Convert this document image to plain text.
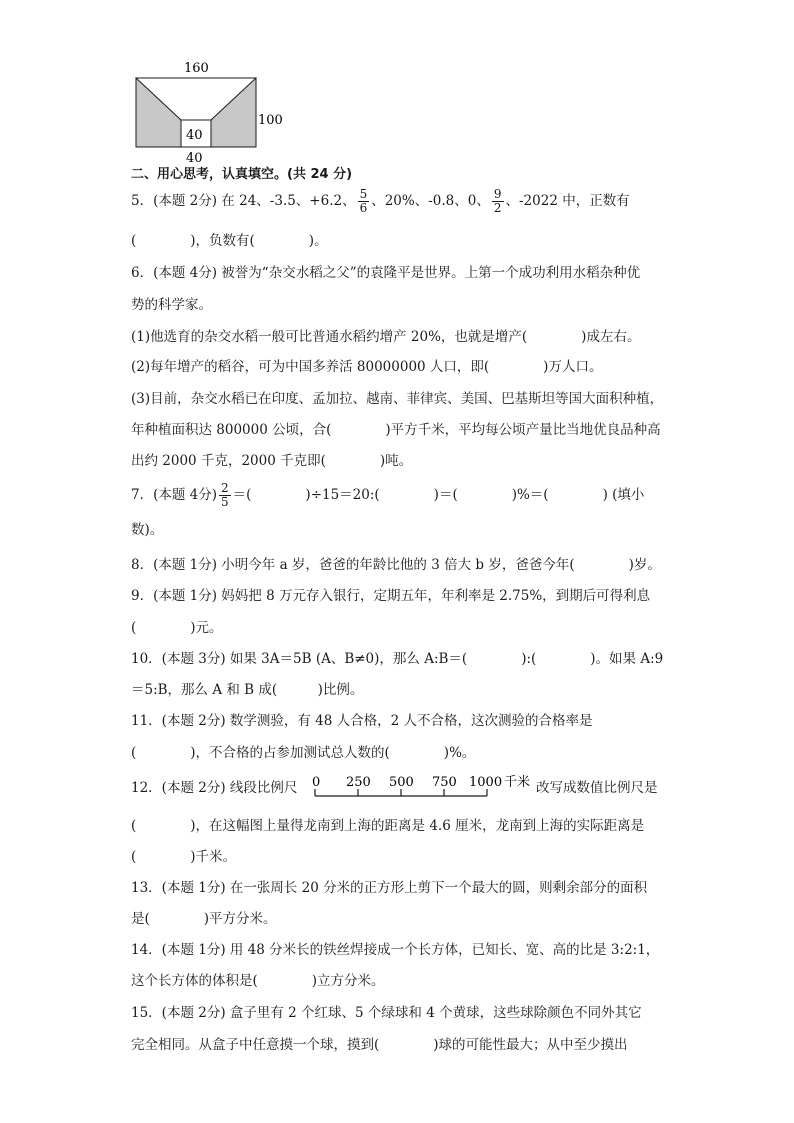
160
100
40
40
二、用心思考，认真填空。(共 24 分)
5．(本题 2分) 在 24、-3.5、+6.2、 $\frac{5}{6}$ 、20%、-0.8、0、 $\frac{9}{2}$ 、-2022 中，正数有
(　　　　)，负数有(　　　　)。
6．(本题 4分) 被誉为“杂交水稻之父”的袁隆平是世界。上第一个成功利用水稻杂种优
势的科学家。
(1)他选育的杂交水稻一般可比普通水稻约增产 20%，也就是增产(　　　　)成左右。
(2)每年增产的稻谷，可为中国多养活 80000000 人口，即(　　　　)万人口。
(3)目前，杂交水稻已在印度、孟加拉、越南、菲律宾、美国、巴基斯坦等国大面积种植，
年种植面积达 800000 公顷，合(　　　　)平方千米，平均每公顷产量比当地优良品种高
出约 2000 千克，2000 千克即(　　　　)吨。
7．(本题 4分) $\frac{2}{5}$ ＝(　　　　)÷15＝20:(　　　　)＝(　　　　)%＝(　　　　) (填小
数)。
8．(本题 1分) 小明今年 a 岁，爸爸的年龄比他的 3 倍大 b 岁，爸爸今年(　　　　)岁。
9．(本题 1分) 妈妈把 8 万元存入银行，定期五年，年利率是 2.75%，到期后可得利息
(　　　　)元。
10．(本题 3分) 如果 3A＝5B (A、B≠0)，那么 A:B＝(　　　　):(　　　　)。如果 A:9
＝5:B，那么 A 和 B 成(　　　)比例。
11．(本题 2分) 数学测验，有 48 人合格，2 人不合格，这次测验的合格率是
(　　　　)，不合格的占参加测试总人数的(　　　　)%。
12．(本题 2分) 线段比例尺 0 250 500 750 1000 千米 改写成数值比例尺是
(　　　　)，在这幅图上量得龙南到上海的距离是 4.6 厘米，龙南到上海的实际距离是
(　　　　)千米。
13．(本题 1分) 在一张周长 20 分米的正方形上剪下一个最大的圆，则剩余部分的面积
是(　　　　)平方分米。
14．(本题 1分) 用 48 分米长的铁丝焊接成一个长方体，已知长、宽、高的比是 3:2:1，
这个长方体的体积是(　　　　)立方分米。
15．(本题 2分) 盒子里有 2 个红球、5 个绿球和 4 个黄球，这些球除颜色不同外其它
完全相同。从盒子中任意摸一个球，摸到(　　　　)球的可能性最大；从中至少摸出
